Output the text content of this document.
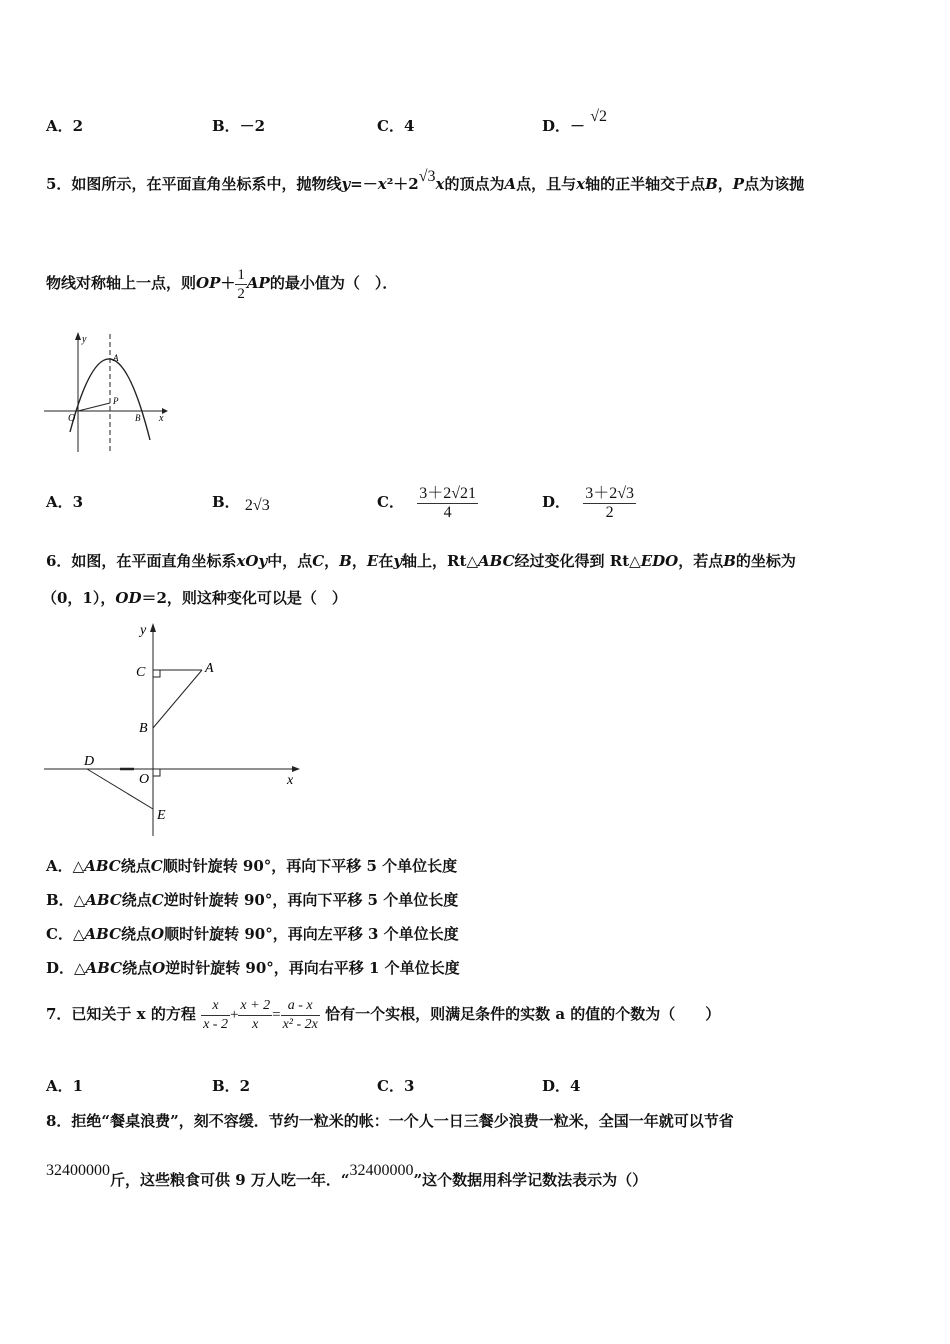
A．2	B．－2	C．4	D．－ √2
5．如图所示，在平面直角坐标系中，抛物线y=－x²＋2√3x的顶点为A点，且与x轴的正半轴交于点B，P点为该抛
物线对称轴上一点，则$OP+ \frac{1}{2}$ AP的最小值为（　）．
y
x
O
A
P
B
A．3	B． 2√3	C． $\frac{3+2√21}{4}$	D． $\frac{3+2√3}{2}$
6．如图，在平面直角坐标系xOy中，点C，B，E在y轴上，Rt△ABC经过变化得到 Rt△EDO，若点B的坐标为
（0，1），OD＝2，则这种变化可以是（　）
y
x
C	A
B
D
O
E
A．△ABC绕点C顺时针旋转 90°，再向下平移 5 个单位长度
B．△ABC绕点C逆时针旋转 90°，再向下平移 5 个单位长度
C．△ABC绕点O顺时针旋转 90°，再向左平移 3 个单位长度
D．△ABC绕点O逆时针旋转 90°，再向右平移 1 个单位长度
7．已知关于 x 的方程 $\frac{x}{x - 2} + \frac{x + 2}{x} = \frac{a - x}{\text{x² - 2x}}$ 恰有一个实根，则满足条件的实数 a 的值的个数为（　　）
A．1	B．2	C．3	D．4
8．拒绝“餐桌浪费”，刻不容缓．节约一粒米的帐：一个人一日三餐少浪费一粒米，全国一年就可以节省
32400000斤，这些粮食可供 9 万人吃一年．“32400000”这个数据用科学记数法表示为（）
